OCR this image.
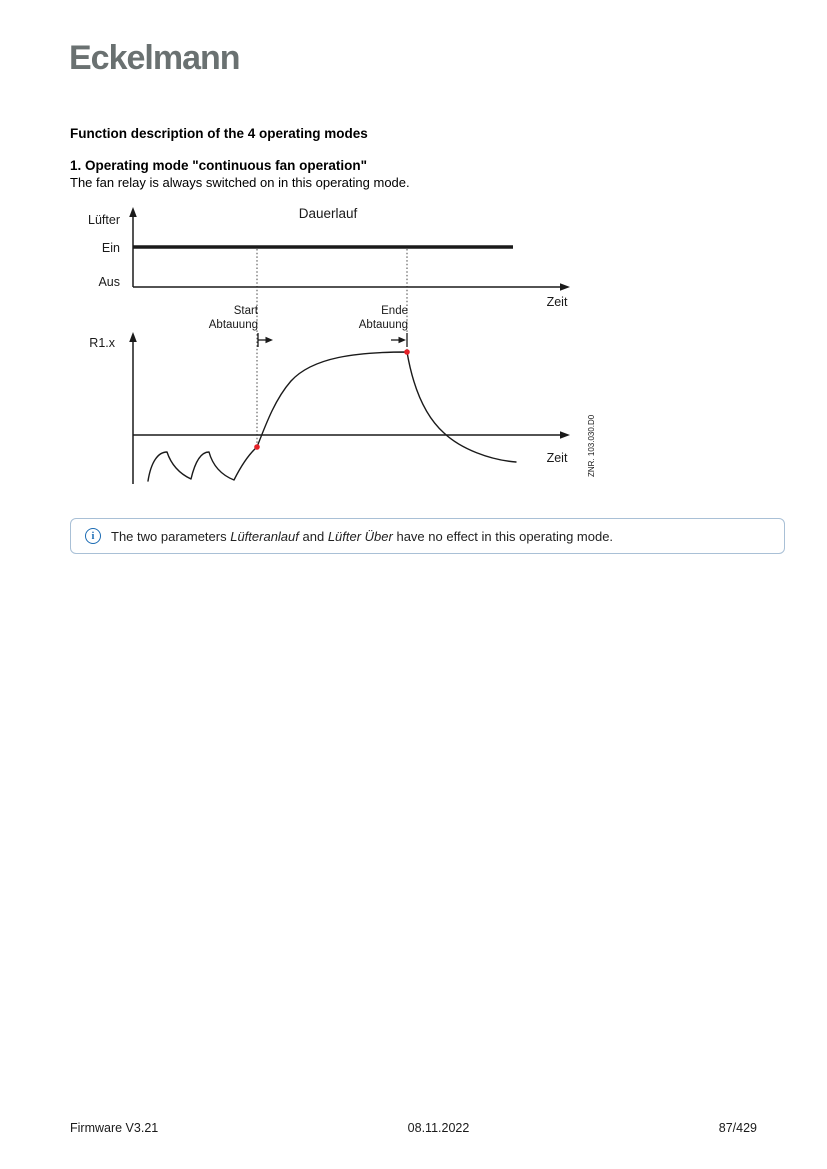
Eckelmann
Function description of the 4 operating modes
1. Operating mode "continuous fan operation"
The fan relay is always switched on in this operating mode.
Dauerlauf
Lüfter
Ein
Aus
Zeit
Start
Abtauung
Ende
Abtauung
R1.x
Zeit ZNR. 103.030.D0
i	The two parameters Lüfteranlauf and Lüfter Über have no effect in this operating mode.
Firmware V3.21	08.11.2022	87/429
